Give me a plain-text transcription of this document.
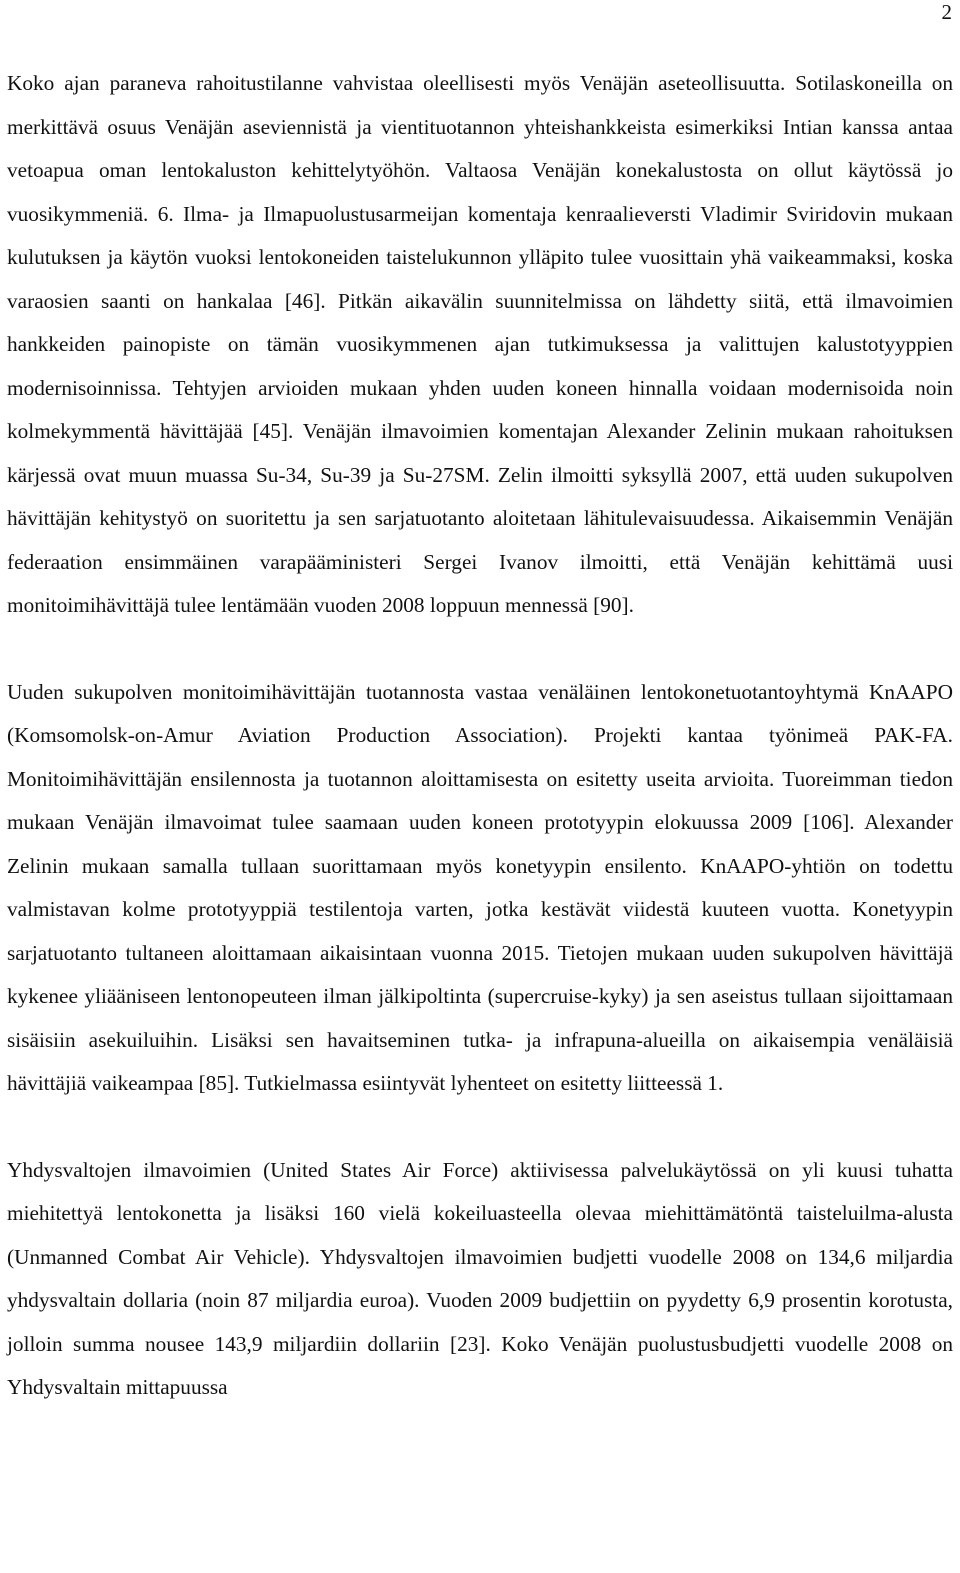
2

Koko ajan paraneva rahoitustilanne vahvistaa oleellisesti myös Venäjän aseteollisuutta. Sotilaskoneilla on merkittävä osuus Venäjän aseviennistä ja vientituotannon yhteishankkeista esimerkiksi Intian kanssa antaa vetoapua oman lentokaluston kehittelytyöhön. Valtaosa Venäjän konekalustosta on ollut käytössä jo vuosikymmeniä. 6. Ilma- ja Ilmapuolustusarmeijan komentaja kenraalieversti Vladimir Sviridovin mukaan kulutuksen ja käytön vuoksi lentokoneiden taistelukunnon ylläpito tulee vuosittain yhä vaikeammaksi, koska varaosien saanti on hankalaa [46]. Pitkän aikavälin suunnitelmissa on lähdetty siitä, että ilmavoimien hankkeiden painopiste on tämän vuosikymmenen ajan tutkimuksessa ja valittujen kalustotyyppien modernisoinnissa. Tehtyjen arvioiden mukaan yhden uuden koneen hinnalla voidaan modernisoida noin kolmekymmentä hävittäjää [45]. Venäjän ilmavoimien komentajan Alexander Zelinin mukaan rahoituksen kärjessä ovat muun muassa Su-34, Su-39 ja Su-27SM. Zelin ilmoitti syksyllä 2007, että uuden sukupolven hävittäjän kehitystyö on suoritettu ja sen sarjatuotanto aloitetaan lähitulevaisuudessa. Aikaisemmin Venäjän federaation ensimmäinen varapääministeri Sergei Ivanov ilmoitti, että Venäjän kehittämä uusi monitoimihävittäjä tulee lentämään vuoden 2008 loppuun mennessä [90].

Uuden sukupolven monitoimihävittäjän tuotannosta vastaa venäläinen lentokonetuotantoyhtymä KnAAPO (Komsomolsk-on-Amur Aviation Production Association). Projekti kantaa työnimeä PAK-FA. Monitoimihävittäjän ensilennosta ja tuotannon aloittamisesta on esitetty useita arvioita. Tuoreimman tiedon mukaan Venäjän ilmavoimat tulee saamaan uuden koneen prototyypin elokuussa 2009 [106]. Alexander Zelinin mukaan samalla tullaan suorittamaan myös konetyypin ensilento. KnAAPO-yhtiön on todettu valmistavan kolme prototyyppiä testilentoja varten, jotka kestävät viidestä kuuteen vuotta. Konetyypin sarjatuotanto tultaneen aloittamaan aikaisintaan vuonna 2015. Tietojen mukaan uuden sukupolven hävittäjä kykenee yliääniseen lentonopeuteen ilman jälkipoltinta (supercruise-kyky) ja sen aseistus tullaan sijoittamaan sisäisiin asekuiluihin. Lisäksi sen havaitseminen tutka- ja infrapuna-alueilla on aikaisempia venäläisiä hävittäjiä vaikeampaa [85]. Tutkielmassa esiintyvät lyhenteet on esitetty liitteessä 1.

Yhdysvaltojen ilmavoimien (United States Air Force) aktiivisessa palvelukäytössä on yli kuusi tuhatta miehitettyä lentokonetta ja lisäksi 160 vielä kokeiluasteella olevaa miehittämätöntä taisteluilma-alusta (Unmanned Combat Air Vehicle). Yhdysvaltojen ilmavoimien budjetti vuodelle 2008 on 134,6 miljardia yhdysvaltain dollaria (noin 87 miljardia euroa). Vuoden 2009 budjettiin on pyydetty 6,9 prosentin korotusta, jolloin summa nousee 143,9 miljardiin dollariin [23]. Koko Venäjän puolustusbudjetti vuodelle 2008 on Yhdysvaltain mittapuussa
